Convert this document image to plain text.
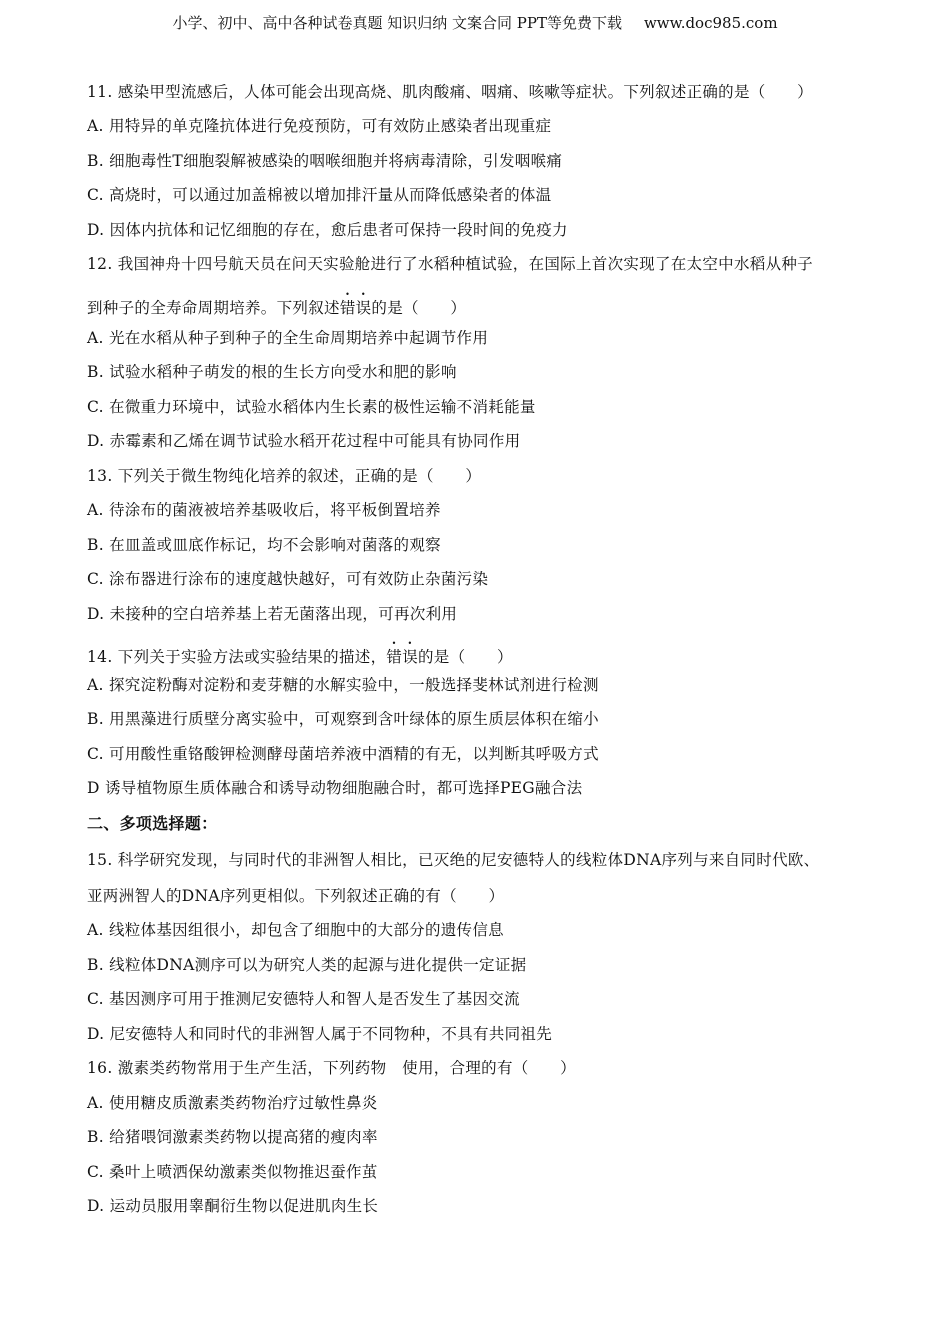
小学、初中、高中各种试卷真题 知识归纳 文案合同 PPT等免费下载 www.doc985.com
11. 感染甲型流感后，人体可能会出现高烧、肌肉酸痛、咽痛、咳嗽等症状。下列叙述正确的是（　　）
A. 用特异的单克隆抗体进行免疫预防，可有效防止感染者出现重症
B. 细胞毒性T细胞裂解被感染的咽喉细胞并将病毒清除，引发咽喉痛
C. 高烧时，可以通过加盖棉被以增加排汗量从而降低感染者的体温
D. 因体内抗体和记忆细胞的存在，愈后患者可保持一段时间的免疫力
12. 我国神舟十四号航天员在问天实验舱进行了水稻种植试验，在国际上首次实现了在太空中水稻从种子
到种子的全寿命周期培养。下列叙述错误的是（　　）
A. 光在水稻从种子到种子的全生命周期培养中起调节作用
B. 试验水稻种子萌发的根的生长方向受水和肥的影响
C. 在微重力环境中，试验水稻体内生长素的极性运输不消耗能量
D. 赤霉素和乙烯在调节试验水稻开花过程中可能具有协同作用
13. 下列关于微生物纯化培养的叙述，正确的是（　　）
A. 待涂布的菌液被培养基吸收后，将平板倒置培养
B. 在皿盖或皿底作标记，均不会影响对菌落的观察
C. 涂布器进行涂布的速度越快越好，可有效防止杂菌污染
D. 未接种的空白培养基上若无菌落出现，可再次利用
14. 下列关于实验方法或实验结果的描述，错误的是（　　）
A. 探究淀粉酶对淀粉和麦芽糖的水解实验中，一般选择斐林试剂进行检测
B. 用黑藻进行质壁分离实验中，可观察到含叶绿体的原生质层体积在缩小
C. 可用酸性重铬酸钾检测酵母菌培养液中酒精的有无，以判断其呼吸方式
D 诱导植物原生质体融合和诱导动物细胞融合时，都可选择PEG融合法
二、多项选择题：
15. 科学研究发现，与同时代的非洲智人相比，已灭绝的尼安德特人的线粒体DNA序列与来自同时代欧、
亚两洲智人的DNA序列更相似。下列叙述正确的有（　　）
A. 线粒体基因组很小，却包含了细胞中的大部分的遗传信息
B. 线粒体DNA测序可以为研究人类的起源与进化提供一定证据
C. 基因测序可用于推测尼安德特人和智人是否发生了基因交流
D. 尼安德特人和同时代的非洲智人属于不同物种，不具有共同祖先
16. 激素类药物常用于生产生活，下列药物　使用，合理的有（　　）
A. 使用糖皮质激素类药物治疗过敏性鼻炎
B. 给猪喂饲激素类药物以提高猪的瘦肉率
C. 桑叶上喷洒保幼激素类似物推迟蚕作茧
D. 运动员服用睾酮衍生物以促进肌肉生长
